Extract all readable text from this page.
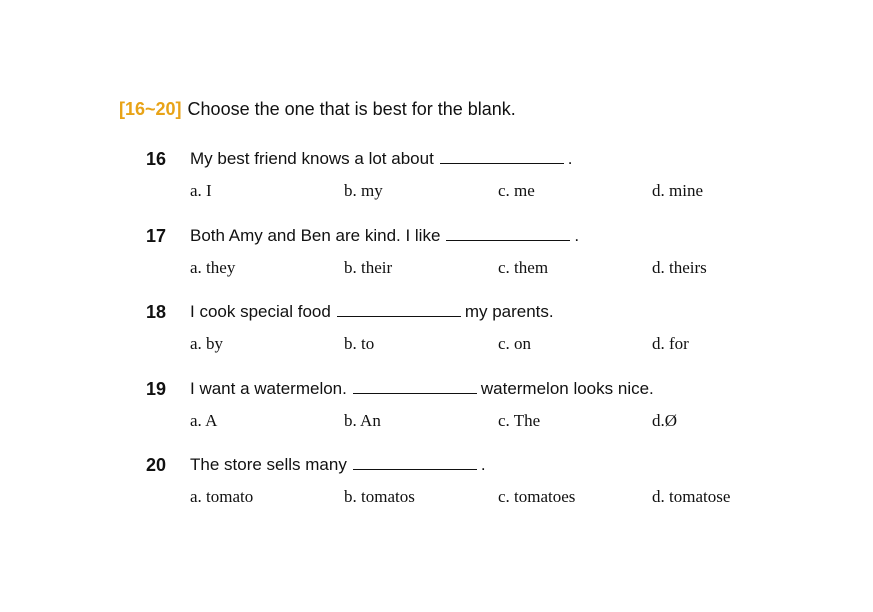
[16~20] Choose the one that is best for the blank.
16 My best friend knows a lot about	.
a. I	b. my	c. me	d. mine
17 Both Amy and Ben are kind. I like	.
a. they	b. their	c. them	d. theirs
18 I cook special food	my parents.
a. by	b. to	c. on	d. for
19 I want a watermelon.	watermelon looks nice.
a. A	b. An	c. The	d.Ø
20 The store sells many	.
a. tomato	b. tomatos	c. tomatoes	d. tomatose
